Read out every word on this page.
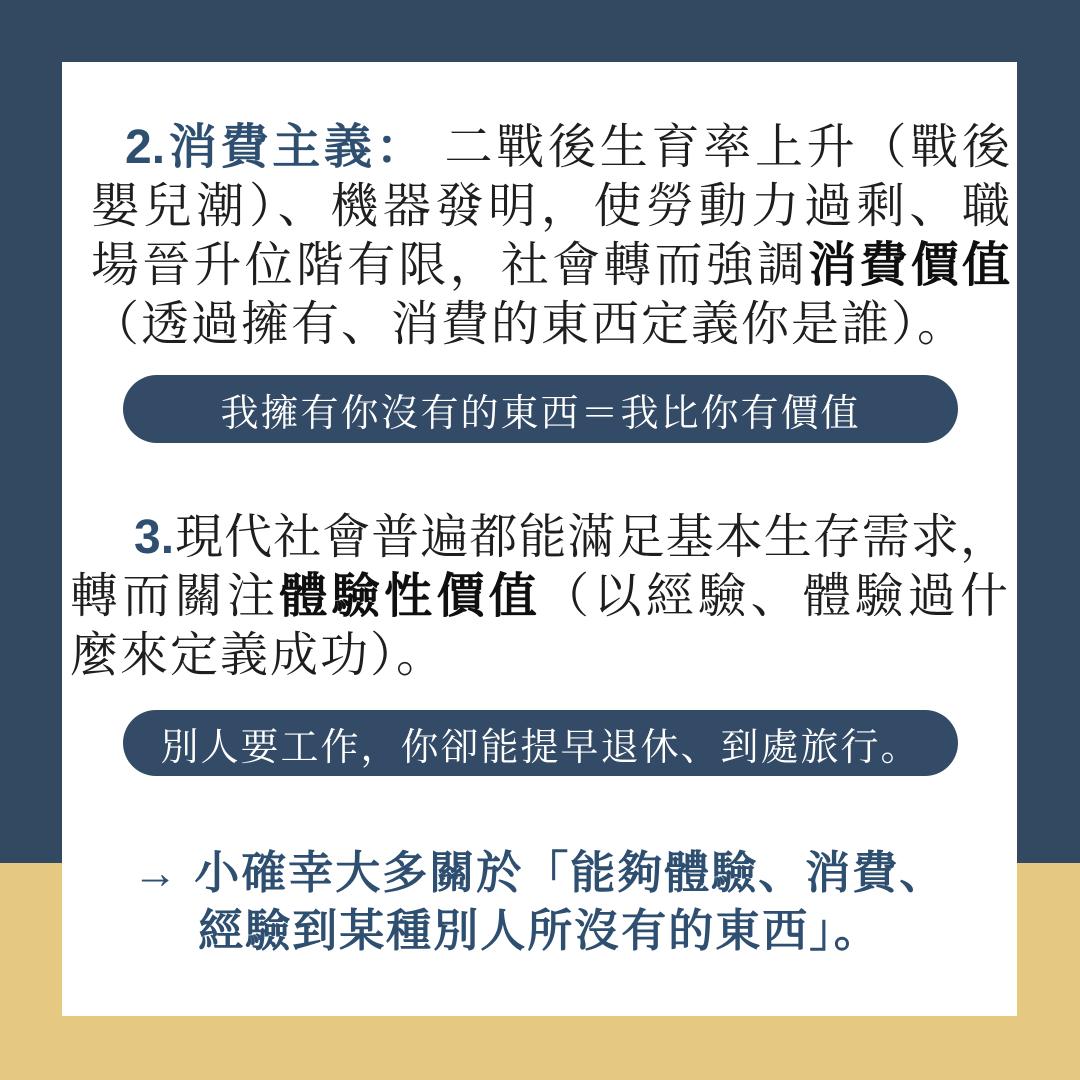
2.消費主義： 二戰後生育率上升（戰後
嬰兒潮）、機器發明，使勞動力過剩、職
場晉升位階有限，社會轉而強調消費價值
（透過擁有、消費的東西定義你是誰）。
我擁有你沒有的東西＝我比你有價值
3.現代社會普遍都能滿足基本生存需求，
轉而關注體驗性價值（以經驗、體驗過什
麼來定義成功）。
別人要工作，你卻能提早退休、到處旅行。
→ 小確幸大多關於「能夠體驗、消費、
經驗到某種別人所沒有的東西」。
